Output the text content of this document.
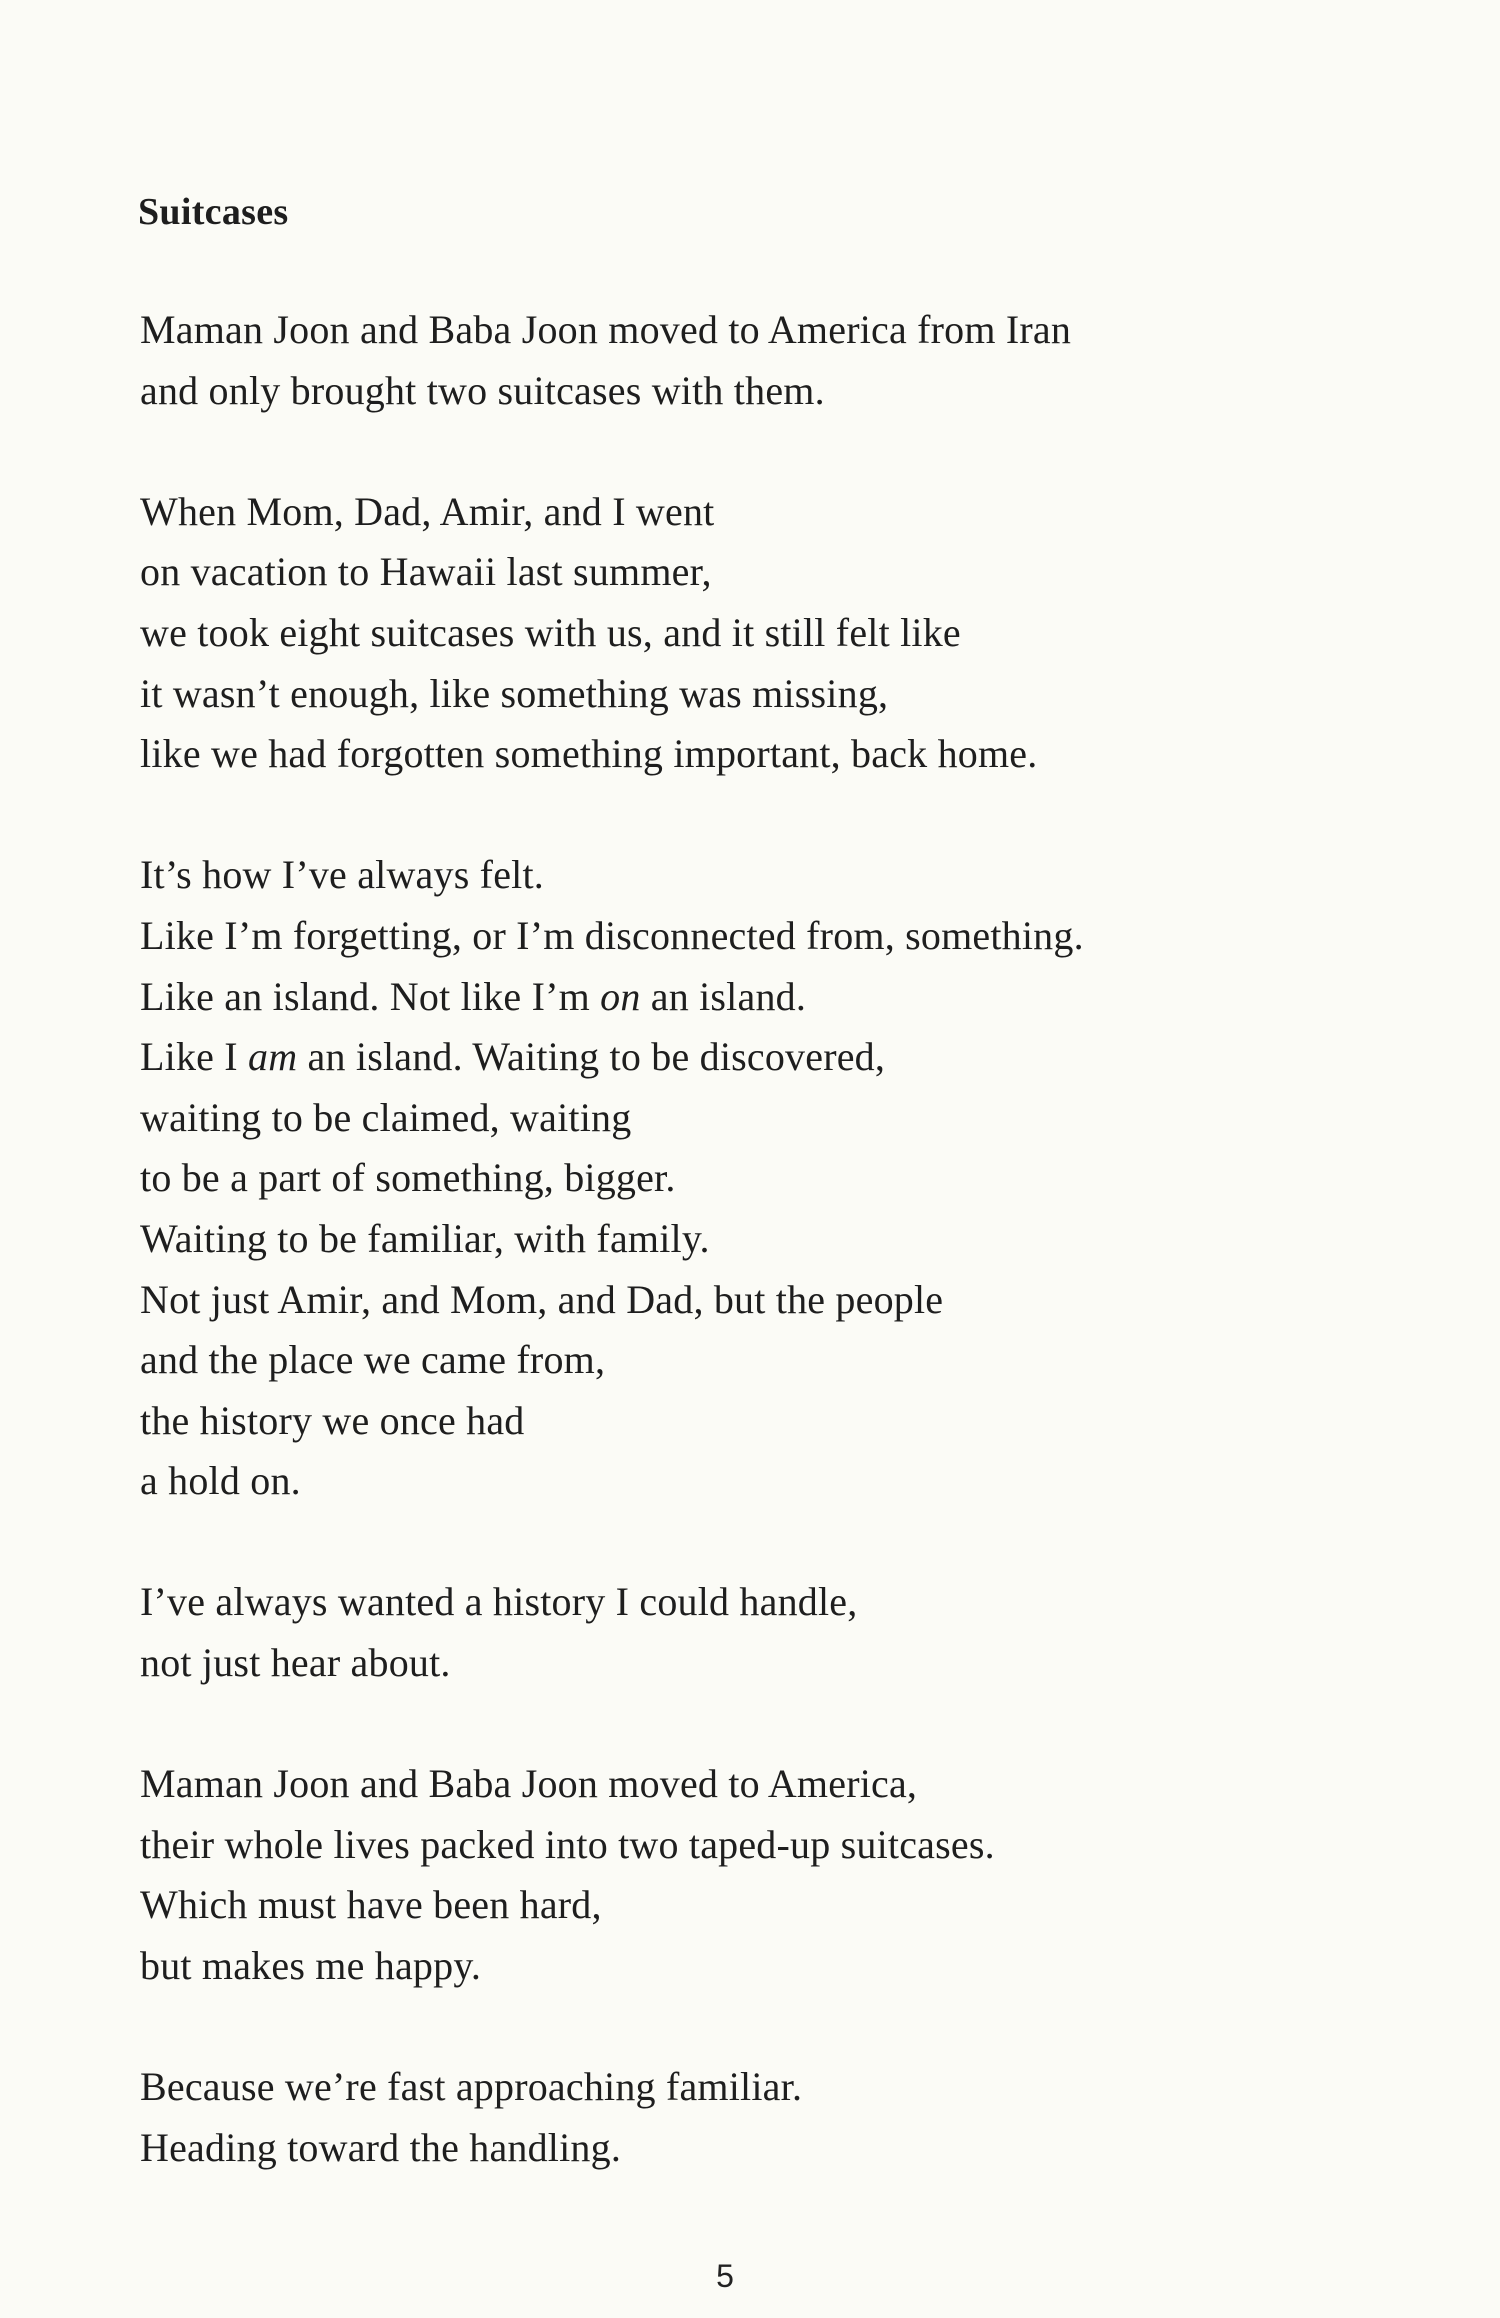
Suitcases
Maman Joon and Baba Joon moved to America from Iran
and only brought two suitcases with them.
When Mom, Dad, Amir, and I went
on vacation to Hawaii last summer,
we took eight suitcases with us, and it still felt like
it wasn’t enough, like something was missing,
like we had forgotten something important, back home.
It’s how I’ve always felt.
Like I’m forgetting, or I’m disconnected from, something.
Like an island. Not like I’m on an island.
Like I am an island. Waiting to be discovered,
waiting to be claimed, waiting
to be a part of something, bigger.
Waiting to be familiar, with family.
Not just Amir, and Mom, and Dad, but the people
and the place we came from,
the history we once had
a hold on.
I’ve always wanted a history I could handle,
not just hear about.
Maman Joon and Baba Joon moved to America,
their whole lives packed into two taped-up suitcases.
Which must have been hard,
but makes me happy.
Because we’re fast approaching familiar.
Heading toward the handling.
5
